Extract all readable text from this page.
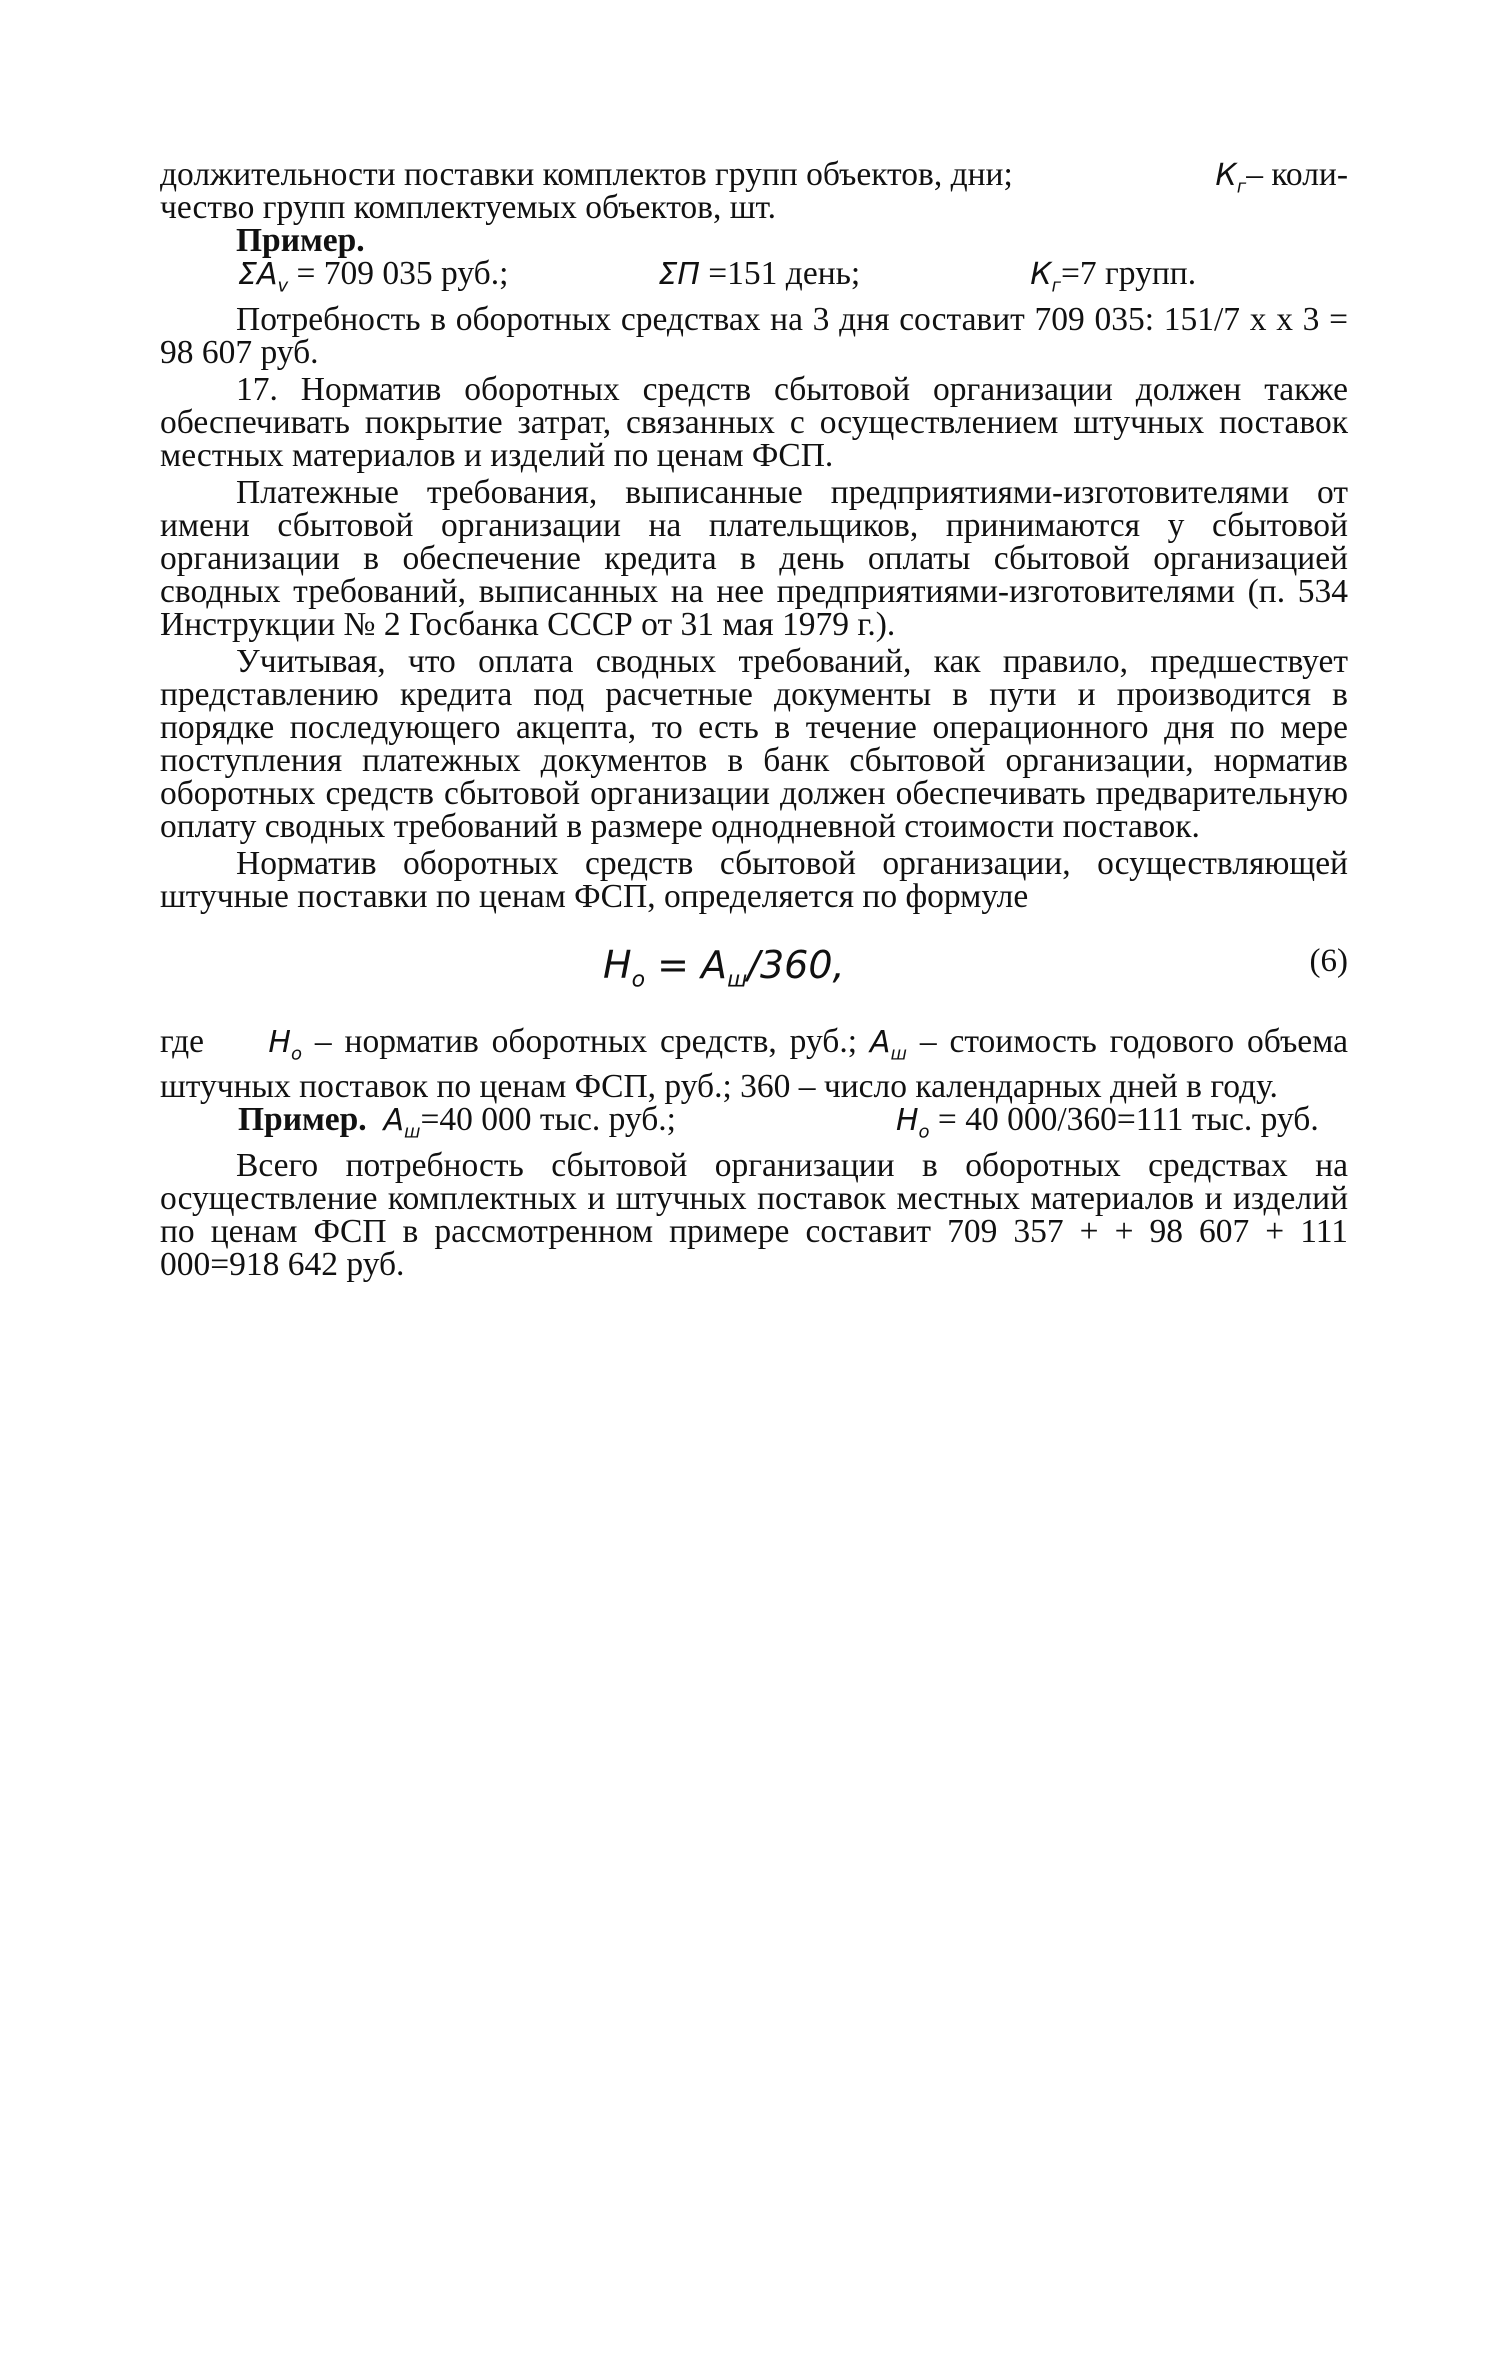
$К_г-$ коли-
должительности поставки комплектов групп объектов, дни;
чество групп комплектуемых объектов, шт.

Пример.

$\Sigma А_v = 709$ 035 руб.;	ΣП =151 день;	$К_г=7$ групп.

Потребность в оборотных средствах на 3 дня составит 709 035: 151/7 х х 3 = 98 607 руб.

17. Норматив оборотных средств сбытовой организации должен также обеспечивать покрытие затрат, связанных с осуществлением штучных поставок местных материалов и изделий по ценам ФСП.

Платежные требования, выписанные предприятиями-изготовителями от имени сбытовой организации на плательщиков, принимаются у сбытовой организации в обеспечение кредита в день оплаты сбытовой организацией сводных требований, выписанных на нее предприятиями-изготовителями (п. 534 Инструкции № 2 Госбанка СССР от 31 мая 1979 г.).

Учитывая, что оплата сводных требований, как правило, предшествует представлению кредита под расчетные документы в пути и производится в порядке последующего акцепта, то есть в течение операционного дня по мере поступления платежных документов в банк сбытовой организации, норматив оборотных средств сбытовой организации должен обеспечивать предварительную оплату сводных требований в размере однодневной стоимости поставок.

Норматив оборотных средств сбытовой организации, осуществляющей штучные поставки по ценам ФСП, определяется по формуле

$Н_о = А_ш/360$,	(6)

где $Н_о$ – норматив оборотных средств, руб.; $А_ш$ – стоимость годового объема штучных поставок по ценам ФСП, руб.; 360 – число календарных дней в году.

Пример.
$А_ш=40$ 000 тыс. руб.;	$Н_о = 40$ 000/360=111 тыс. руб.

Всего потребность сбытовой организации в оборотных средствах на осуществление комплектных и штучных поставок местных материалов и изделий по ценам ФСП в рассмотренном примере составит 709 357 + + 98 607 + 111 000=918 642 руб.
